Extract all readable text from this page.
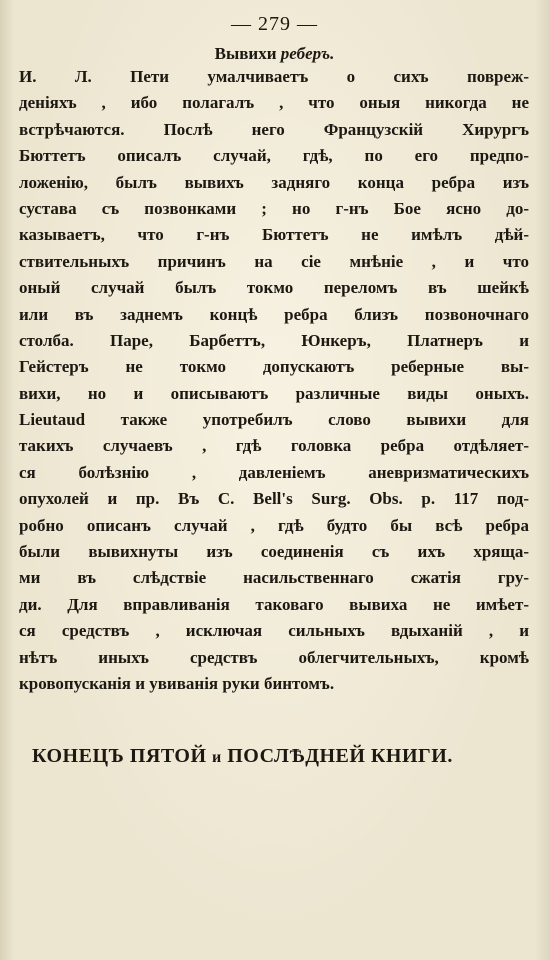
— 279 —
Вывихи реберъ.
И. Л. Пети умалчиваетъ о сихъ повреж-
деніяхъ , ибо полагалъ , что оныя никогда не
встрѣчаются. Послѣ него Французскій Хирургъ
Бюттетъ описалъ случай, гдѣ, по его предпо-
ложенію, былъ вывихъ задняго конца ребра изъ
сустава съ позвонками ; но г-нъ Бое ясно до-
казываетъ, что г-нъ Бюттетъ не имѣлъ дѣй-
ствительныхъ причинъ на сіе мнѣніе , и что
оный случай былъ токмо переломъ въ шейкѣ
или въ заднемъ концѣ ребра близъ позвоночнаго
столба. Паре, Барбеттъ, Юнкеръ, Платнеръ и
Гейстеръ не токмо допускаютъ реберные вы-
вихи, но и описываютъ различные виды оныхъ.
Lieutaud также употребилъ слово вывихи для
такихъ случаевъ , гдѣ головка ребра отдѣляет-
ся болѣзнію , давленіемъ аневризматическихъ
опухолей и пр. Въ C. Bell's Surg. Obs. p. 117 под-
робно описанъ случай , гдѣ будто бы всѣ ребра
были вывихнуты изъ соединенія съ ихъ хряща-
ми въ слѣдствіе насильственнаго сжатія гру-
ди. Для вправливанія таковаго вывиха не имѣет-
ся средствъ , исключая сильныхъ вдыханій , и
нѣтъ иныхъ средствъ облегчительныхъ, кромѣ
кровопусканія и увиванія руки бинтомъ.
КОНЕЦЪ ПЯТОЙ и ПОСЛѢДНЕЙ КНИГИ.
